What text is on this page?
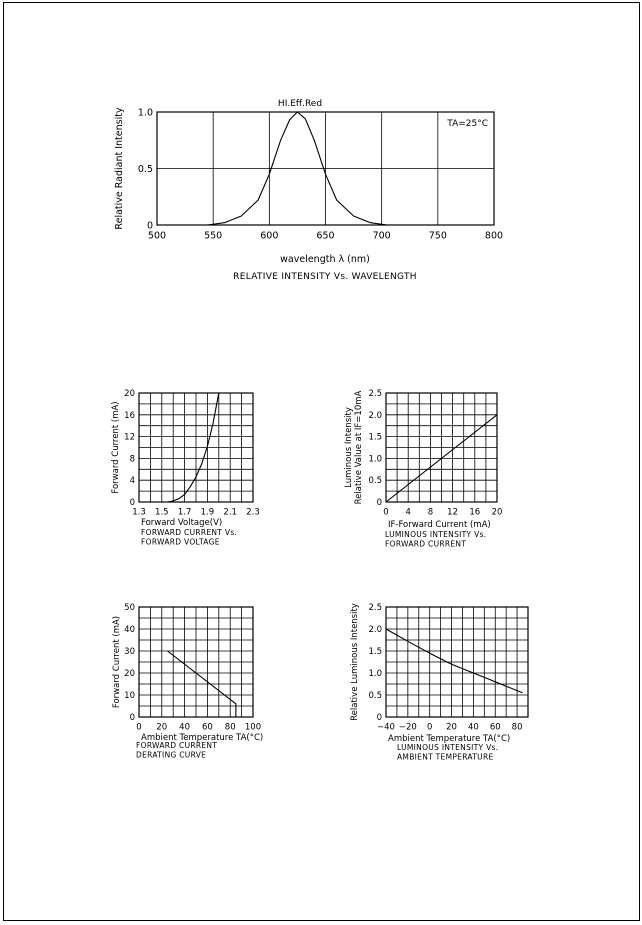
500	550	600	650	700	750	800
0
0.5
1.0
wavelength λ (nm)
Relative Radiant Intensity
HI.Eff.Red
TA=25°C
RELATIVE INTENSITY Vs. WAVELENGTH
1.3 1.5 1.7 1.9 2.1 2.3
0
4
8
12
16
20
Forward Voltage(V)
Forward Current (mA)
FORWARD CURRENT Vs.
FORWARD VOLTAGE
0 4 8 12 16 20
0
0.5
1.0
1.5
2.0
2.5
IF-Forward Current (mA)
Luminous Intensity Relative Value at IF=10mA
LUMINOUS INTENSITY Vs.
FORWARD CURRENT
0 20 40 60 80 100
0
10
20
30
40
50
Ambient Temperature TA(°C)
Forward Current (mA)
FORWARD CURRENT
DERATING CURVE
−40 −20 0 20 40 60 80
0
0.5
1.0
1.5
2.0
2.5
Ambient Temperature TA(°C)
Relative Luminous Intensity
LUMINOUS INTENSITY Vs.
AMBIENT TEMPERATURE
